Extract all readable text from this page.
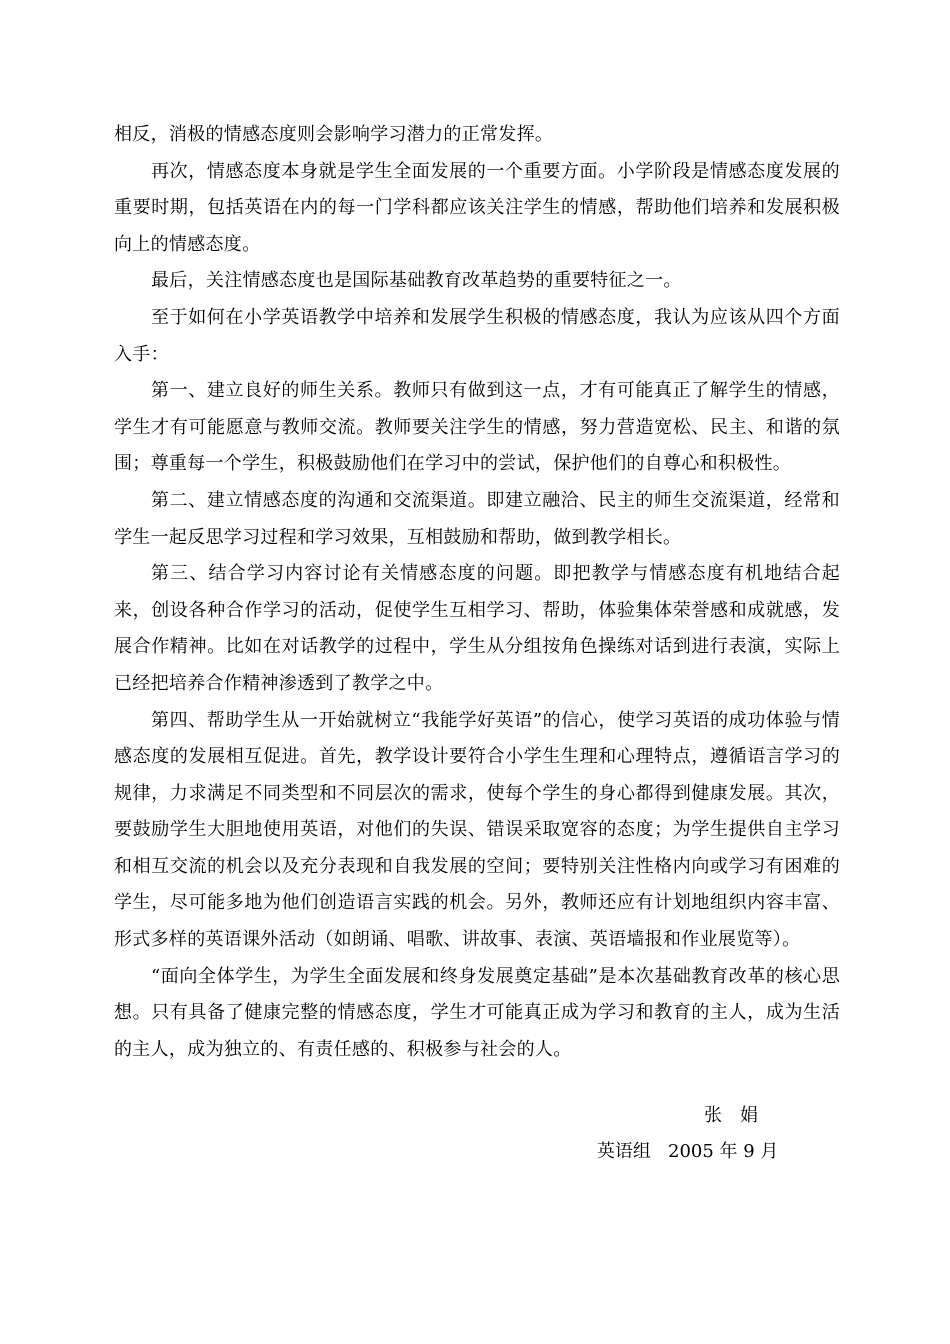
相反，消极的情感态度则会影响学习潜力的正常发挥。

再次，情感态度本身就是学生全面发展的一个重要方面。小学阶段是情感态度发展的重要时期，包括英语在内的每一门学科都应该关注学生的情感，帮助他们培养和发展积极向上的情感态度。

最后，关注情感态度也是国际基础教育改革趋势的重要特征之一。

至于如何在小学英语教学中培养和发展学生积极的情感态度，我认为应该从四个方面入手：

第一、建立良好的师生关系。教师只有做到这一点，才有可能真正了解学生的情感，学生才有可能愿意与教师交流。教师要关注学生的情感，努力营造宽松、民主、和谐的氛围；尊重每一个学生，积极鼓励他们在学习中的尝试，保护他们的自尊心和积极性。

第二、建立情感态度的沟通和交流渠道。即建立融洽、民主的师生交流渠道，经常和学生一起反思学习过程和学习效果，互相鼓励和帮助，做到教学相长。

第三、结合学习内容讨论有关情感态度的问题。即把教学与情感态度有机地结合起来，创设各种合作学习的活动，促使学生互相学习、帮助，体验集体荣誉感和成就感，发展合作精神。比如在对话教学的过程中，学生从分组按角色操练对话到进行表演，实际上已经把培养合作精神渗透到了教学之中。

第四、帮助学生从一开始就树立“我能学好英语”的信心，使学习英语的成功体验与情感态度的发展相互促进。首先，教学设计要符合小学生生理和心理特点，遵循语言学习的规律，力求满足不同类型和不同层次的需求，使每个学生的身心都得到健康发展。其次，要鼓励学生大胆地使用英语，对他们的失误、错误采取宽容的态度；为学生提供自主学习和相互交流的机会以及充分表现和自我发展的空间；要特别关注性格内向或学习有困难的学生，尽可能多地为他们创造语言实践的机会。另外，教师还应有计划地组织内容丰富、形式多样的英语课外活动（如朗诵、唱歌、讲故事、表演、英语墙报和作业展览等）。

“面向全体学生，为学生全面发展和终身发展奠定基础”是本次基础教育改革的核心思想。只有具备了健康完整的情感态度，学生才可能真正成为学习和教育的主人，成为生活的主人，成为独立的、有责任感的、积极参与社会的人。

英语组

张娟

2005 年 9 月
